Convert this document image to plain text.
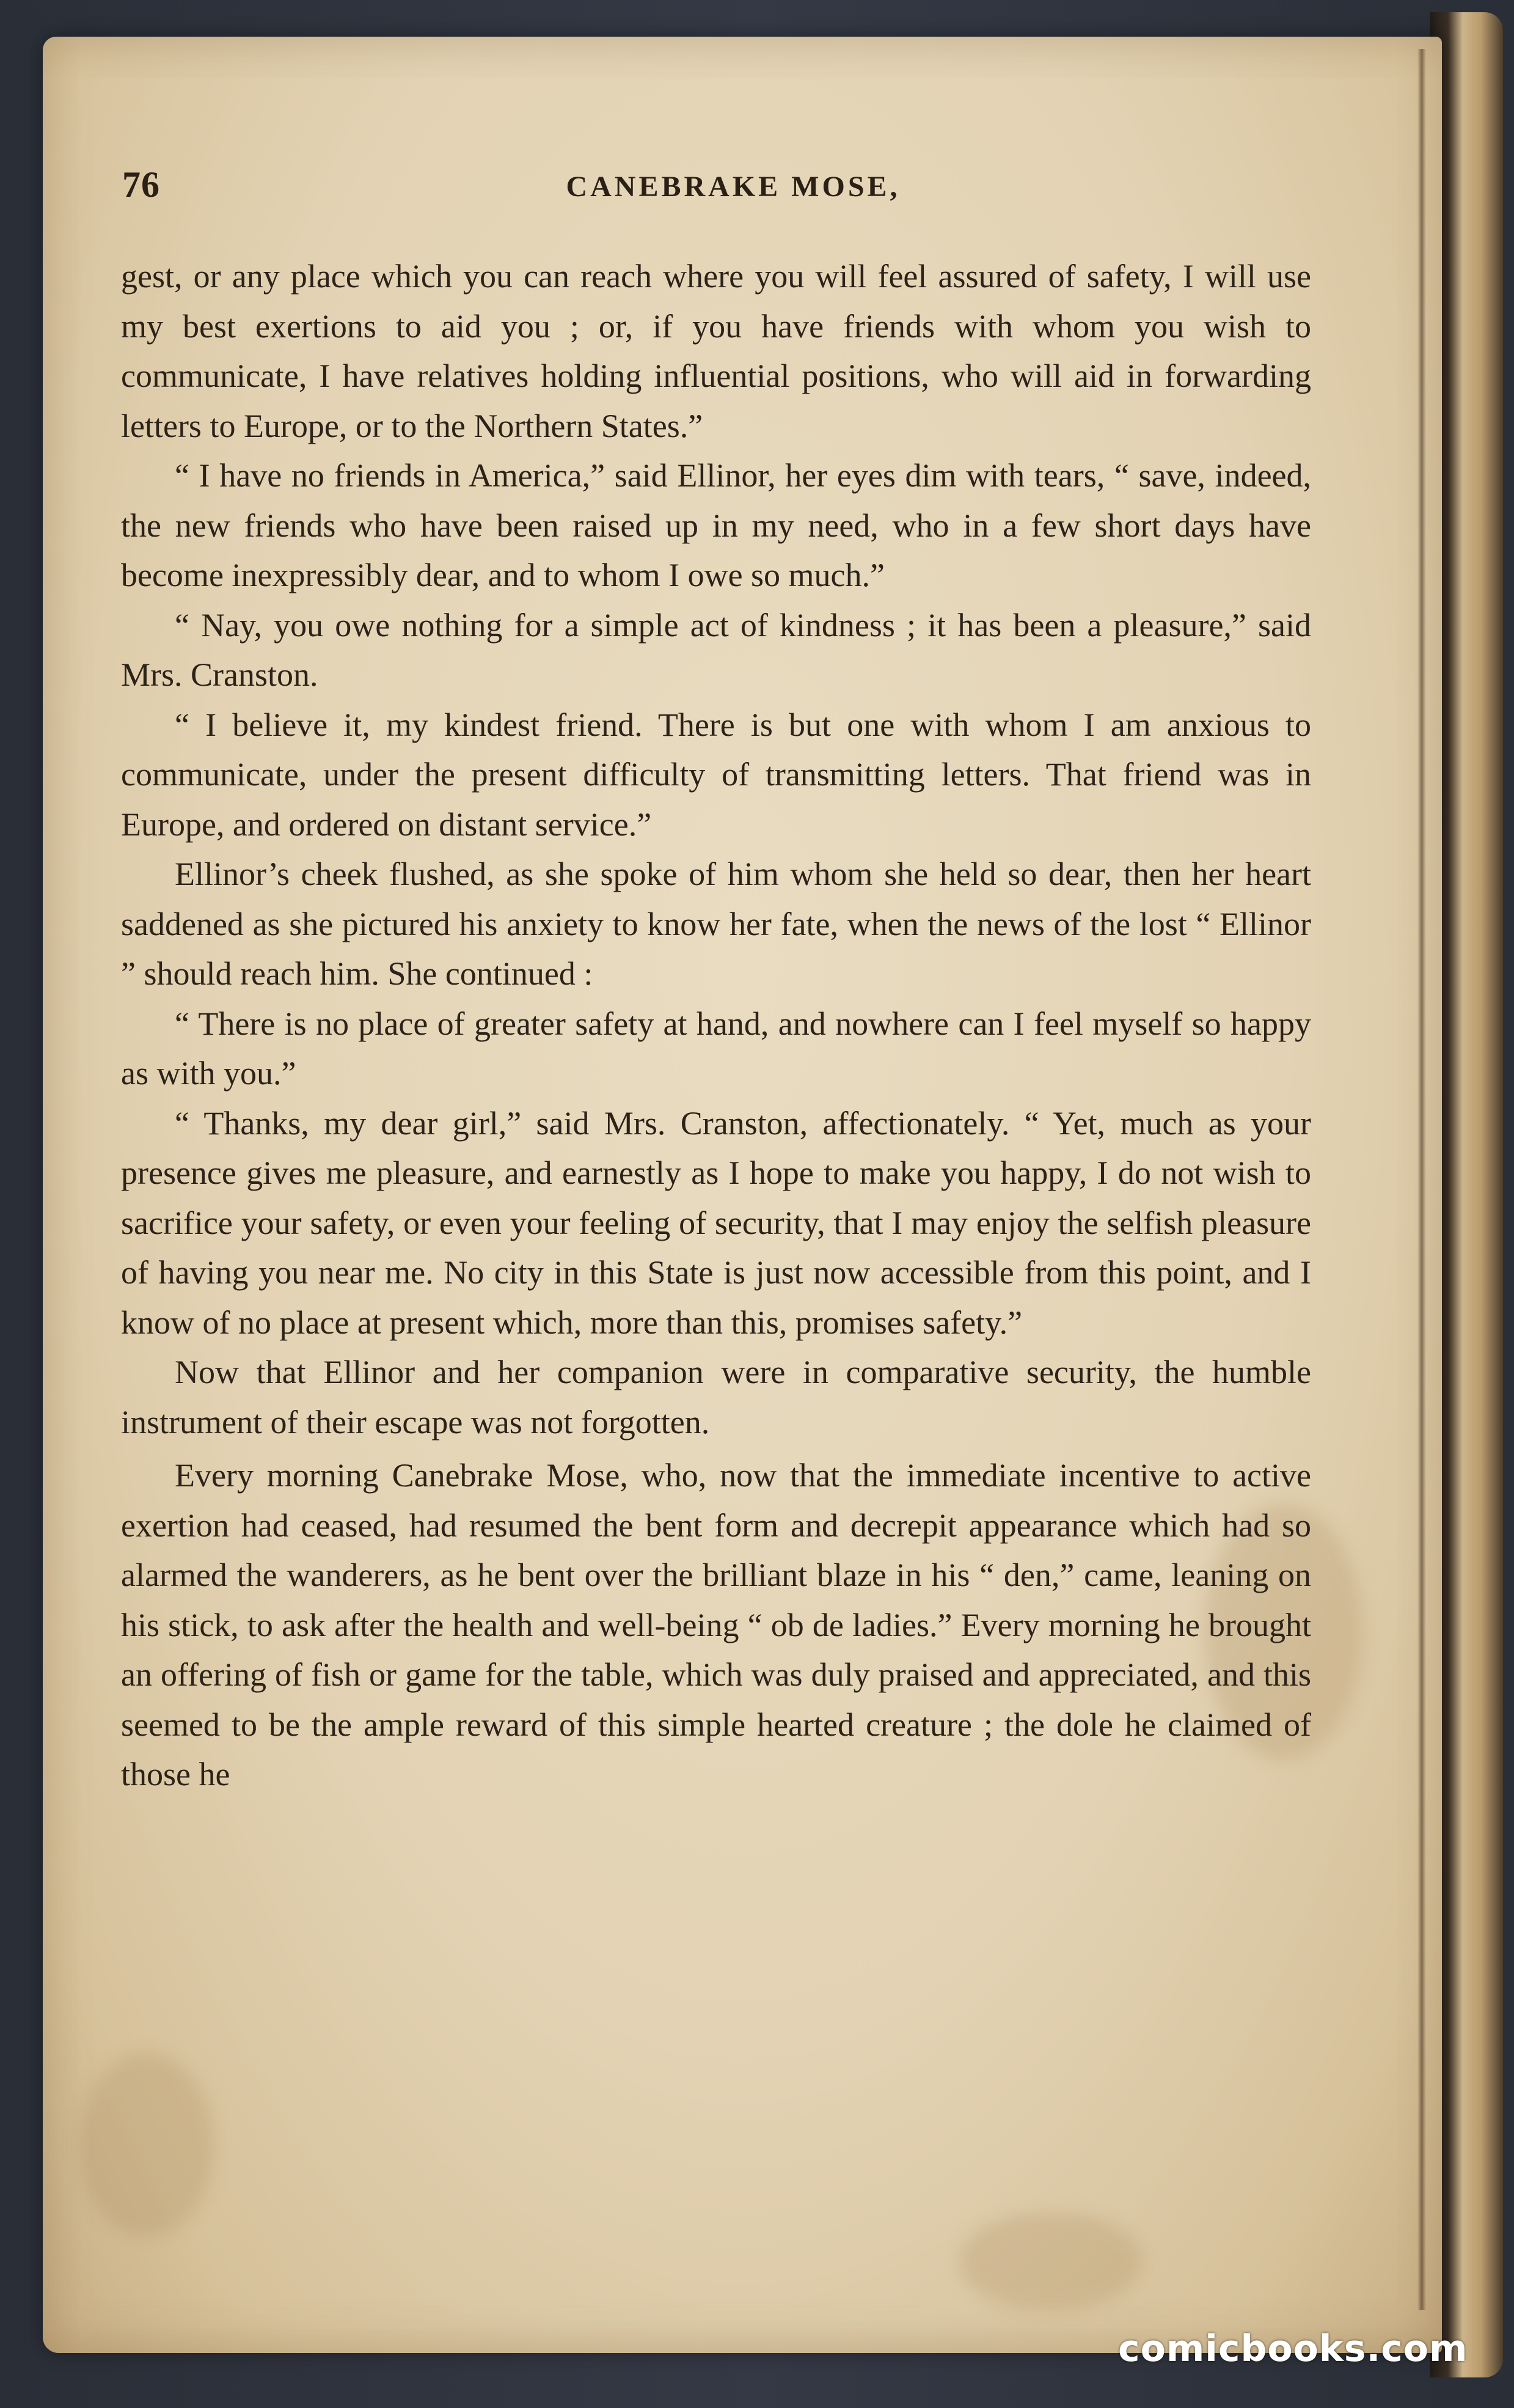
76	CANEBRAKE MOSE,

gest, or any place which you can reach where you will feel assured of safety, I will use my best exertions to aid you ; or, if you have friends with whom you wish to communicate, I have relatives holding influential positions, who will aid in forwarding letters to Europe, or to the Northern States.”

“ I have no friends in America,” said Ellinor, her eyes dim with tears, “ save, indeed, the new friends who have been raised up in my need, who in a few short days have become inexpressibly dear, and to whom I owe so much.”

“ Nay, you owe nothing for a simple act of kindness ; it has been a pleasure,” said Mrs. Cranston.

“ I believe it, my kindest friend. There is but one with whom I am anxious to communicate, under the present difficulty of transmitting letters. That friend was in Europe, and ordered on distant service.”

Ellinor’s cheek flushed, as she spoke of him whom she held so dear, then her heart saddened as she pictured his anxiety to know her fate, when the news of the lost “ Ellinor ” should reach him. She continued :

“ There is no place of greater safety at hand, and nowhere can I feel myself so happy as with you.”

“ Thanks, my dear girl,” said Mrs. Cranston, affectionately. “ Yet, much as your presence gives me pleasure, and earnestly as I hope to make you happy, I do not wish to sacrifice your safety, or even your feeling of security, that I may enjoy the selfish pleasure of having you near me. No city in this State is just now accessible from this point, and I know of no place at present which, more than this, promises safety.”

Now that Ellinor and her companion were in comparative security, the humble instrument of their escape was not forgotten.

Every morning Canebrake Mose, who, now that the immediate incentive to active exertion had ceased, had resumed the bent form and decrepit appearance which had so alarmed the wanderers, as he bent over the brilliant blaze in his “ den,” came, leaning on his stick, to ask after the health and well-being “ ob de ladies.” Every morning he brought an offering of fish or game for the table, which was duly praised and appreciated, and this seemed to be the ample reward of this simple hearted creature ; the dole he claimed of those he

comicbooks.com
